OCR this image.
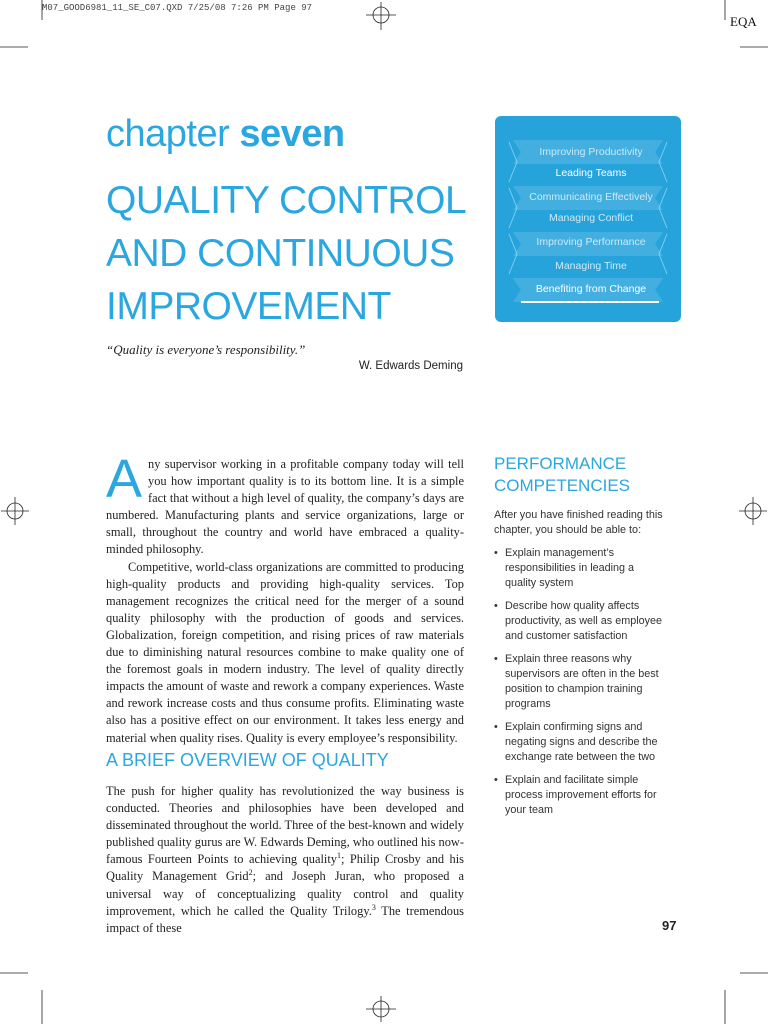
M07_GOOD6981_11_SE_C07.QXD 7/25/08 7:26 PM Page 97
EQA
chapter seven
QUALITY CONTROL AND CONTINUOUS IMPROVEMENT
“Quality is everyone’s responsibility.”
W. Edwards Deming
Improving Productivity
Leading Teams
Communicating Effectively
Managing Conflict
Improving Performance
Managing Time
Benefiting from Change

Any supervisor working in a profitable company today will tell you how important quality is to its bottom line. It is a simple fact that without a high level of quality, the company’s days are numbered. Manufacturing plants and service organizations, large or small, throughout the country and world have embraced a quality-minded philosophy.

Competitive, world-class organizations are committed to producing high-quality products and providing high-quality services. Top management recognizes the critical need for the merger of a sound quality philosophy with the production of goods and services. Globalization, foreign competition, and rising prices of raw materials due to diminishing natural resources combine to make quality one of the foremost goals in modern industry. The level of quality directly impacts the amount of waste and rework a company experiences. Waste and rework increase costs and thus consume profits. Eliminating waste also has a positive effect on our environment. It takes less energy and material when quality rises. Quality is every employee’s responsibility.

A BRIEF OVERVIEW OF QUALITY

The push for higher quality has revolutionized the way business is conducted. Theories and philosophies have been developed and disseminated throughout the world. Three of the best-known and widely published quality gurus are W. Edwards Deming, who outlined his now-famous Fourteen Points to achieving quality$^1$; Philip Crosby and his Quality Management Grid$^2$; and Joseph Juran, who proposed a universal way of conceptualizing quality control and quality improvement, which he called the Quality Trilogy.$^3$ The tremendous impact of these

PERFORMANCE COMPETENCIES

After you have finished reading this chapter, you should be able to:

• Explain management’s responsibilities in leading a quality system
• Describe how quality affects productivity, as well as employee and customer satisfaction
• Explain three reasons why supervisors are often in the best position to champion training programs
• Explain confirming signs and negating signs and describe the exchange rate between the two
• Explain and facilitate simple process improvement efforts for your team
97
